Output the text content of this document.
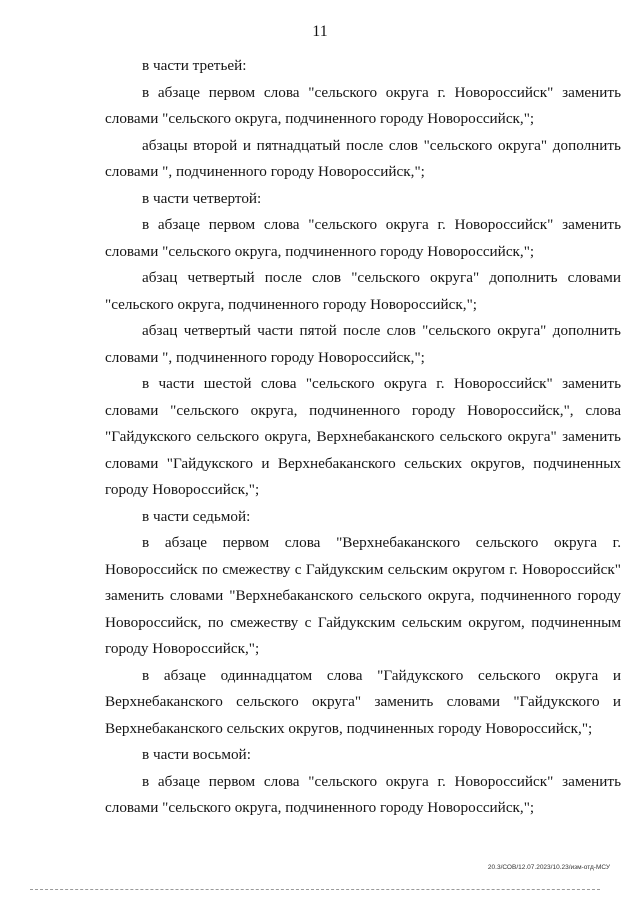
11

в части третьей:

в абзаце первом слова "сельского округа г. Новороссийск" заменить словами "сельского округа, подчиненного городу Новороссийск,";

абзацы второй и пятнадцатый после слов "сельского округа" дополнить словами ", подчиненного городу Новороссийск,";

в части четвертой:

в абзаце первом слова "сельского округа г. Новороссийск" заменить словами "сельского округа, подчиненного городу Новороссийск,";

абзац четвертый после слов "сельского округа" дополнить словами "сельского округа, подчиненного городу Новороссийск,";

абзац четвертый части пятой после слов "сельского округа" дополнить словами ", подчиненного городу Новороссийск,";

в части шестой слова "сельского округа г. Новороссийск" заменить словами "сельского округа, подчиненного городу Новороссийск,", слова "Гайдукского сельского округа, Верхнебаканского сельского округа" заменить словами "Гайдукского и Верхнебаканского сельских округов, подчиненных городу Новороссийск,";

в части седьмой:

в абзаце первом слова "Верхнебаканского сельского округа г. Новороссийск по смежеству с Гайдукским сельским округом г. Новороссийск" заменить словами "Верхнебаканского сельского округа, подчиненного городу Новороссийск, по смежеству с Гайдукским сельским округом, подчиненным городу Новороссийск,";

в абзаце одиннадцатом слова "Гайдукского сельского округа и Верхнебаканского сельского округа" заменить словами "Гайдукского и Верхнебаканского сельских округов, подчиненных городу Новороссийск,";

в части восьмой:

в абзаце первом слова "сельского округа г. Новороссийск" заменить словами "сельского округа, подчиненного городу Новороссийск,";

20.3/СОВ/12.07.2023/10.23/изм-отд-МСУ
